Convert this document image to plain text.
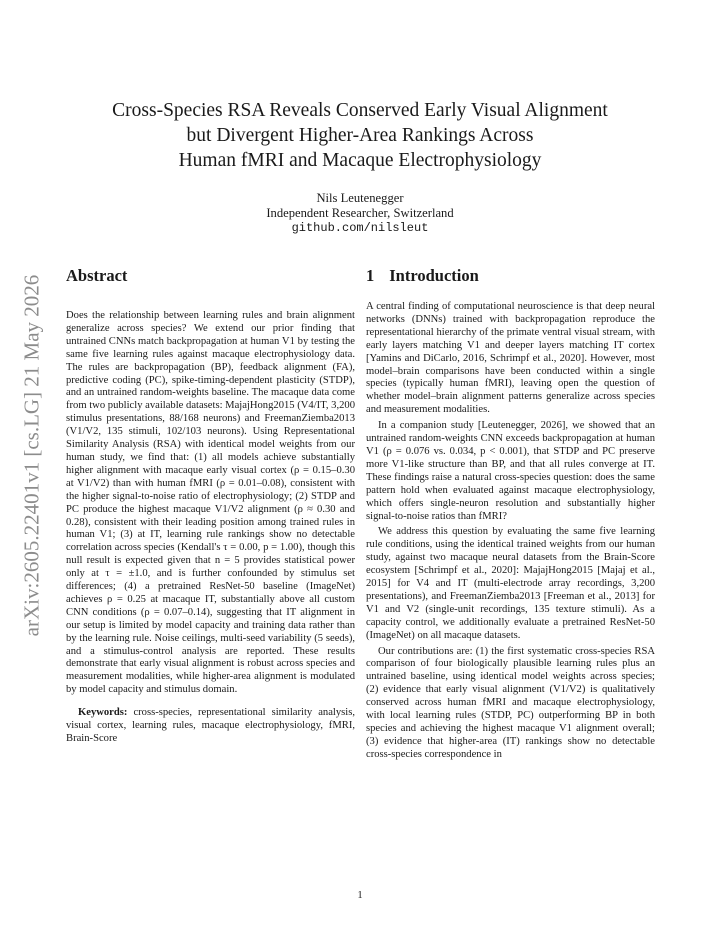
arXiv:2605.22401v1 [cs.LG] 21 May 2026
Cross-Species RSA Reveals Conserved Early Visual Alignment
but Divergent Higher-Area Rankings Across
Human fMRI and Macaque Electrophysiology
Nils Leutenegger
Independent Researcher, Switzerland
github.com/nilsleut
Abstract

Does the relationship between learning rules and brain alignment generalize across species? We extend our prior finding that untrained CNNs match backpropagation at human V1 by testing the same five learning rules against macaque electrophysiology data. The rules are backpropagation (BP), feedback alignment (FA), predictive coding (PC), spike-timing-dependent plasticity (STDP), and an untrained random-weights baseline. The macaque data come from two publicly available datasets: MajajHong2015 (V4/IT, 3,200 stimulus presentations, 88/168 neurons) and FreemanZiemba2013 (V1/V2, 135 stimuli, 102/103 neurons). Using Representational Similarity Analysis (RSA) with identical model weights from our human study, we find that: (1) all models achieve substantially higher alignment with macaque early visual cortex (ρ = 0.15–0.30 at V1/V2) than with human fMRI (ρ = 0.01–0.08), consistent with the higher signal-to-noise ratio of electrophysiology; (2) STDP and PC produce the highest macaque V1/V2 alignment (ρ ≈ 0.30 and 0.28), consistent with their leading position among trained rules in human V1; (3) at IT, learning rule rankings show no detectable correlation across species (Kendall's τ = 0.00, p = 1.00), though this null result is expected given that n = 5 provides statistical power only at τ = ±1.0, and is further confounded by stimulus set differences; (4) a pretrained ResNet-50 baseline (ImageNet) achieves ρ = 0.25 at macaque IT, substantially above all custom CNN conditions (ρ = 0.07–0.14), suggesting that IT alignment in our setup is limited by model capacity and training data rather than by the learning rule. Noise ceilings, multi-seed variability (5 seeds), and a stimulus-control analysis are reported. These results demonstrate that early visual alignment is robust across species and measurement modalities, while higher-area alignment is modulated by model capacity and stimulus domain.

Keywords: cross-species, representational similarity analysis, visual cortex, learning rules, macaque electrophysiology, fMRI, Brain-Score

1 Introduction

A central finding of computational neuroscience is that deep neural networks (DNNs) trained with backpropagation reproduce the representational hierarchy of the primate ventral visual stream, with early layers matching V1 and deeper layers matching IT cortex [Yamins and DiCarlo, 2016, Schrimpf et al., 2020]. However, most model–brain comparisons have been conducted within a single species (typically human fMRI), leaving open the question of whether model–brain alignment patterns generalize across species and measurement modalities.

In a companion study [Leutenegger, 2026], we showed that an untrained random-weights CNN exceeds backpropagation at human V1 (ρ = 0.076 vs. 0.034, p < 0.001), that STDP and PC preserve more V1-like structure than BP, and that all rules converge at IT. These findings raise a natural cross-species question: does the same pattern hold when evaluated against macaque electrophysiology, which offers single-neuron resolution and substantially higher signal-to-noise ratios than fMRI?

We address this question by evaluating the same five learning rule conditions, using the identical trained weights from our human study, against two macaque neural datasets from the Brain-Score ecosystem [Schrimpf et al., 2020]: MajajHong2015 [Majaj et al., 2015] for V4 and IT (multi-electrode array recordings, 3,200 presentations), and FreemanZiemba2013 [Freeman et al., 2013] for V1 and V2 (single-unit recordings, 135 texture stimuli). As a capacity control, we additionally evaluate a pretrained ResNet-50 (ImageNet) on all macaque datasets.

Our contributions are: (1) the first systematic cross-species RSA comparison of four biologically plausible learning rules plus an untrained baseline, using identical model weights across species; (2) evidence that early visual alignment (V1/V2) is qualitatively conserved across human fMRI and macaque electrophysiology, with local learning rules (STDP, PC) outperforming BP in both species and achieving the highest macaque V1 alignment overall; (3) evidence that higher-area (IT) rankings show no detectable cross-species correspondence in

1
